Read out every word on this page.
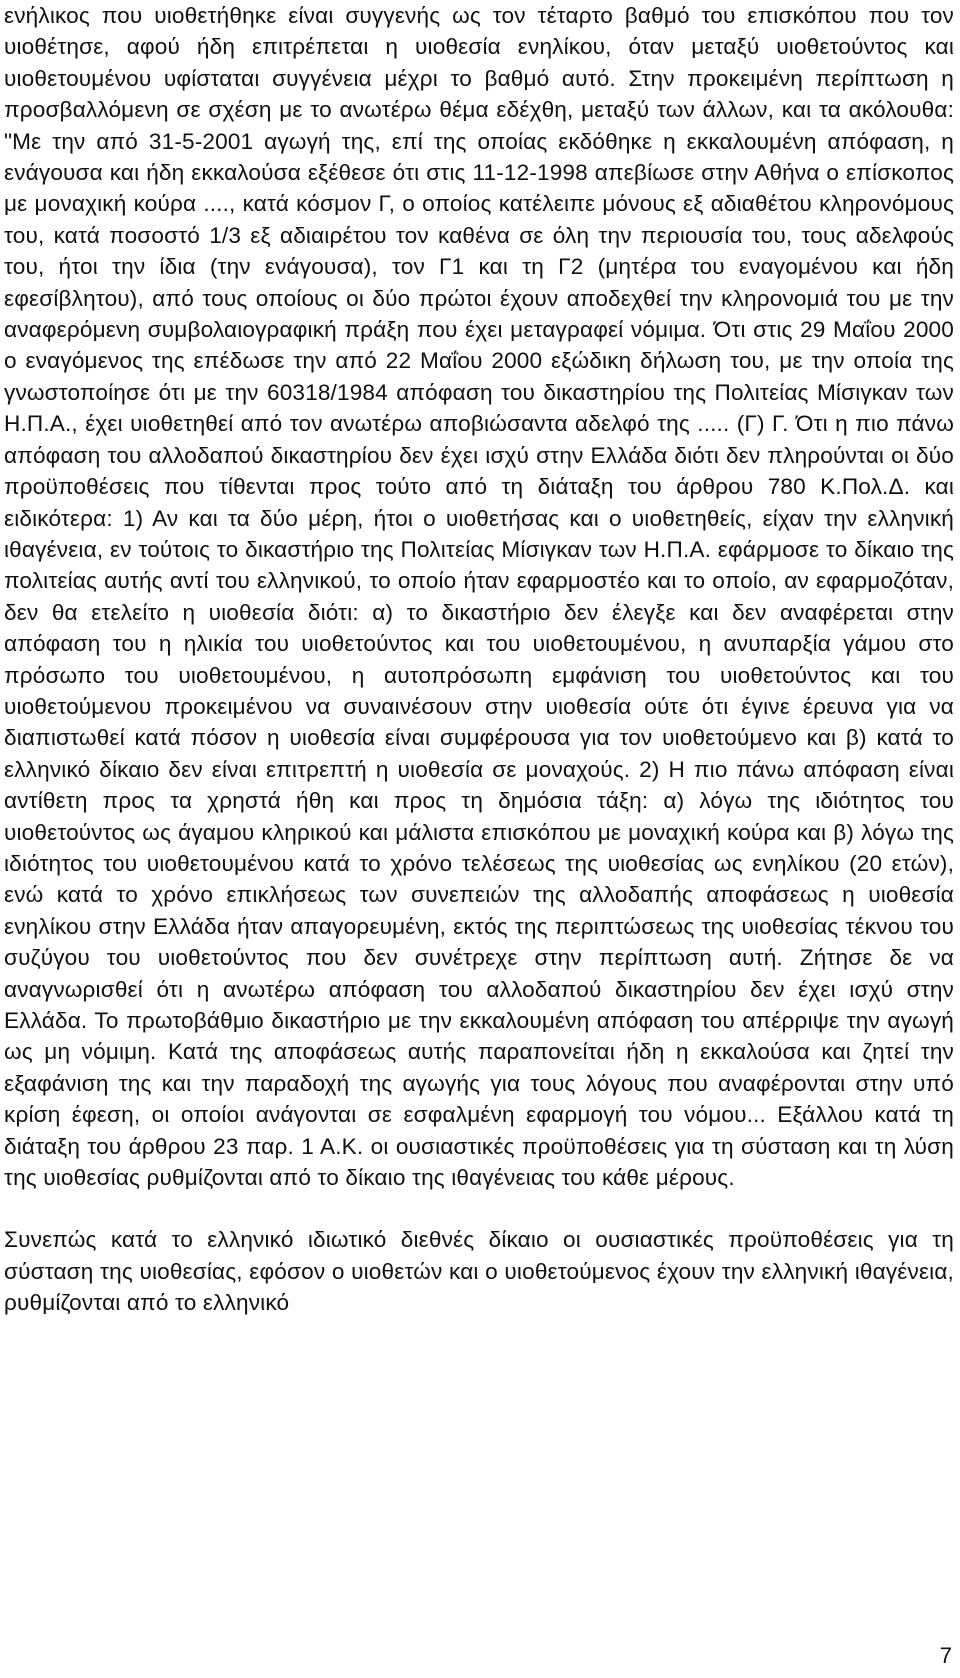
ενήλικος που υιοθετήθηκε είναι συγγενής ως τον τέταρτο βαθμό του επισκόπου που τον υιοθέτησε, αφού ήδη επιτρέπεται η υιοθεσία ενηλίκου, όταν μεταξύ υιοθετούντος και υιοθετουμένου υφίσταται συγγένεια μέχρι το βαθμό αυτό. Στην προκειμένη περίπτωση η προσβαλλόμενη σε σχέση με το ανωτέρω θέμα εδέχθη, μεταξύ των άλλων, και τα ακόλουθα: "Με την από 31-5-2001 αγωγή της, επί της οποίας εκδόθηκε η εκκαλουμένη απόφαση, η ενάγουσα και ήδη εκκαλούσα εξέθεσε ότι στις 11-12-1998 απεβίωσε στην Αθήνα ο επίσκοπος με μοναχική κούρα ...., κατά κόσμον Γ, ο οποίος κατέλειπε μόνους εξ αδιαθέτου κληρονόμους του, κατά ποσοστό 1/3 εξ αδιαιρέτου τον καθένα σε όλη την περιουσία του, τους αδελφούς του, ήτοι την ίδια (την ενάγουσα), τον Γ1 και τη Γ2 (μητέρα του εναγομένου και ήδη εφεσίβλητου), από τους οποίους οι δύο πρώτοι έχουν αποδεχθεί την κληρονομιά του με την αναφερόμενη συμβολαιογραφική πράξη που έχει μεταγραφεί νόμιμα. Ότι στις 29 Μαΐου 2000 ο εναγόμενος της επέδωσε την από 22 Μαΐου 2000 εξώδικη δήλωση του, με την οποία της γνωστοποίησε ότι με την 60318/1984 απόφαση του δικαστηρίου της Πολιτείας Μίσιγκαν των Η.Π.Α., έχει υιοθετηθεί από τον ανωτέρω αποβιώσαντα αδελφό της ..... (Γ) Γ. Ότι η πιο πάνω απόφαση του αλλοδαπού δικαστηρίου δεν έχει ισχύ στην Ελλάδα διότι δεν πληρούνται οι δύο προϋποθέσεις που τίθενται προς τούτο από τη διάταξη του άρθρου 780 Κ.Πολ.Δ. και ειδικότερα: 1) Αν και τα δύο μέρη, ήτοι ο υιοθετήσας και ο υιοθετηθείς, είχαν την ελληνική ιθαγένεια, εν τούτοις το δικαστήριο της Πολιτείας Μίσιγκαν των Η.Π.Α. εφάρμοσε το δίκαιο της πολιτείας αυτής αντί του ελληνικού, το οποίο ήταν εφαρμοστέο και το οποίο, αν εφαρμοζόταν, δεν θα ετελείτο η υιοθεσία διότι: α) το δικαστήριο δεν έλεγξε και δεν αναφέρεται στην απόφαση του η ηλικία του υιοθετούντος και του υιοθετουμένου, η ανυπαρξία γάμου στο πρόσωπο του υιοθετουμένου, η αυτοπρόσωπη εμφάνιση του υιοθετούντος και του υιοθετούμενου προκειμένου να συναινέσουν στην υιοθεσία ούτε ότι έγινε έρευνα για να διαπιστωθεί κατά πόσον η υιοθεσία είναι συμφέρουσα για τον υιοθετούμενο και β) κατά το ελληνικό δίκαιο δεν είναι επιτρεπτή η υιοθεσία σε μοναχούς. 2) Η πιο πάνω απόφαση είναι αντίθετη προς τα χρηστά ήθη και προς τη δημόσια τάξη: α) λόγω της ιδιότητος του υιοθετούντος ως άγαμου κληρικού και μάλιστα επισκόπου με μοναχική κούρα και β) λόγω της ιδιότητος του υιοθετουμένου κατά το χρόνο τελέσεως της υιοθεσίας ως ενηλίκου (20 ετών), ενώ κατά το χρόνο επικλήσεως των συνεπειών της αλλοδαπής αποφάσεως η υιοθεσία ενηλίκου στην Ελλάδα ήταν απαγορευμένη, εκτός της περιπτώσεως της υιοθεσίας τέκνου του συζύγου του υιοθετούντος που δεν συνέτρεχε στην περίπτωση αυτή. Ζήτησε δε να αναγνωρισθεί ότι η ανωτέρω απόφαση του αλλοδαπού δικαστηρίου δεν έχει ισχύ στην Ελλάδα. Το πρωτοβάθμιο δικαστήριο με την εκκαλουμένη απόφαση του απέρριψε την αγωγή ως μη νόμιμη. Κατά της αποφάσεως αυτής παραπονείται ήδη η εκκαλούσα και ζητεί την εξαφάνιση της και την παραδοχή της αγωγής για τους λόγους που αναφέρονται στην υπό κρίση έφεση, οι οποίοι ανάγονται σε εσφαλμένη εφαρμογή του νόμου... Εξάλλου κατά τη διάταξη του άρθρου 23 παρ. 1 Α.Κ. οι ουσιαστικές προϋποθέσεις για τη σύσταση και τη λύση της υιοθεσίας ρυθμίζονται από το δίκαιο της ιθαγένειας του κάθε μέρους.

Συνεπώς κατά το ελληνικό ιδιωτικό διεθνές δίκαιο οι ουσιαστικές προϋποθέσεις για τη σύσταση της υιοθεσίας, εφόσον ο υιοθετών και ο υιοθετούμενος έχουν την ελληνική ιθαγένεια, ρυθμίζονται από το ελληνικό

7
